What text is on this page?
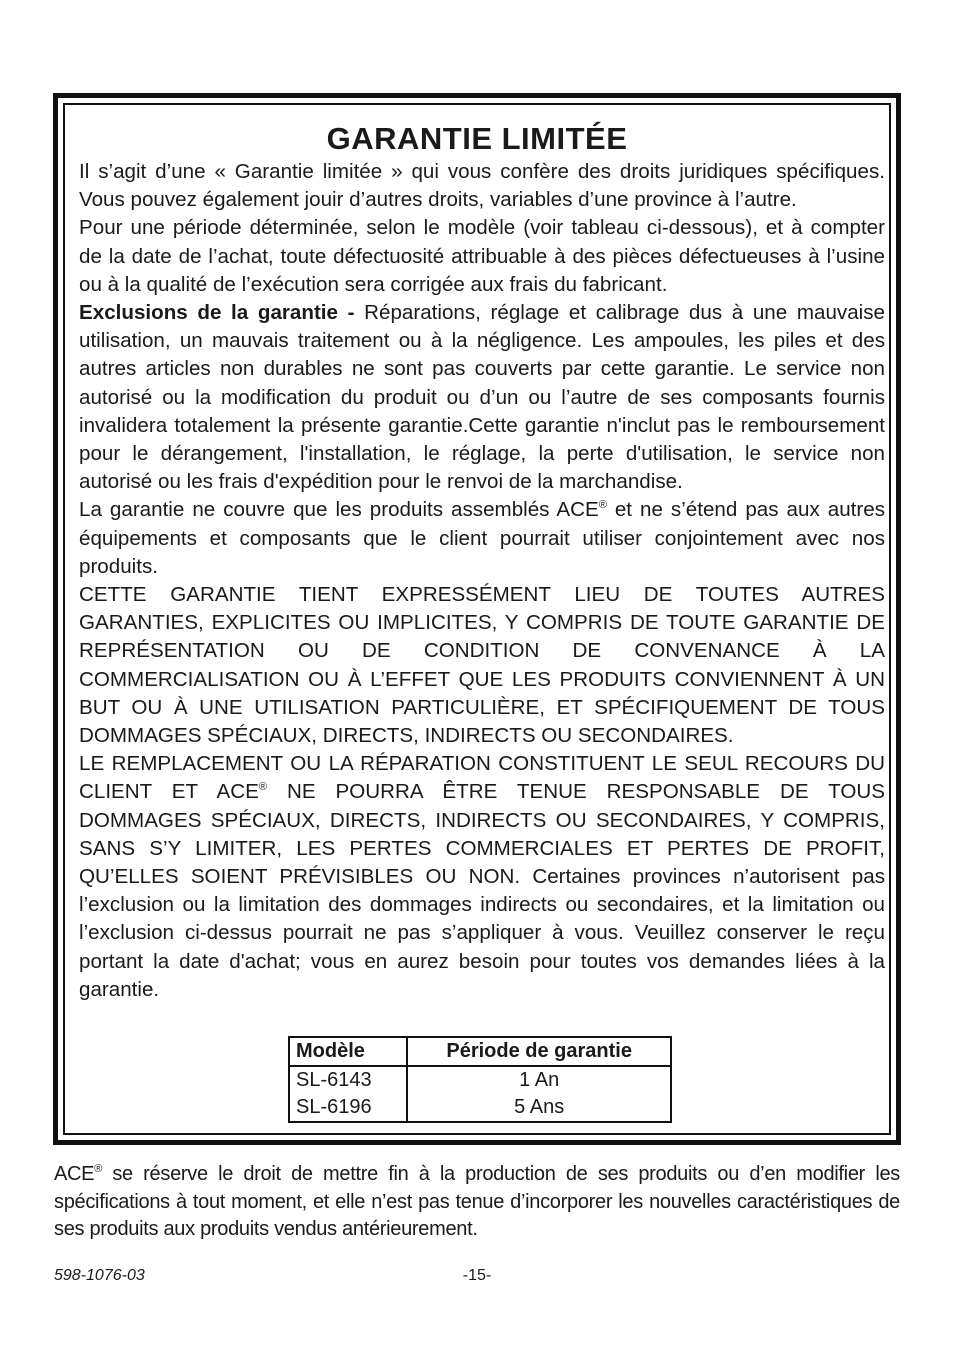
GARANTIE LIMITÉE

Il s’agit d’une « Garantie limitée » qui vous confère des droits juridiques spécifiques. Vous pouvez également jouir d’autres droits, variables d’une province à l’autre.

Pour une période déterminée, selon le modèle (voir tableau ci-dessous), et à compter de la date de l’achat, toute défectuosité attribuable à des pièces défectueuses à l’usine ou à la qualité de l’exécution sera corrigée aux frais du fabricant.

Exclusions de la garantie - Réparations, réglage et calibrage dus à une mauvaise utilisation, un mauvais traitement ou à la négligence. Les ampoules, les piles et des autres articles non durables ne sont pas couverts par cette garantie. Le service non autorisé ou la modification du produit ou d’un ou l’autre de ses composants fournis invalidera totalement la présente garantie.Cette garantie n'inclut pas le remboursement pour le dérangement, l'installation, le réglage, la perte d'utilisation, le service non autorisé ou les frais d'expédition pour le renvoi de la marchandise.

La garantie ne couvre que les produits assemblés ACE® et ne s’étend pas aux autres équipements et composants que le client pourrait utiliser conjointement avec nos produits.

CETTE GARANTIE TIENT EXPRESSÉMENT LIEU DE TOUTES AUTRES GARANTIES, EXPLICITES OU IMPLICITES, Y COMPRIS DE TOUTE GARANTIE DE REPRÉSENTATION OU DE CONDITION DE CONVENANCE À LA COMMERCIALISATION OU À L’EFFET QUE LES PRODUITS CONVIENNENT À UN BUT OU À UNE UTILISATION PARTICULIÈRE, ET SPÉCIFIQUEMENT DE TOUS DOMMAGES SPÉCIAUX, DIRECTS, INDIRECTS OU SECONDAIRES.

LE REMPLACEMENT OU LA RÉPARATION CONSTITUENT LE SEUL RECOURS DU CLIENT ET ACE® NE POURRA ÊTRE TENUE RESPONSABLE DE TOUS DOMMAGES SPÉCIAUX, DIRECTS, INDIRECTS OU SECONDAIRES, Y COMPRIS, SANS S’Y LIMITER, LES PERTES COMMERCIALES ET PERTES DE PROFIT, QU’ELLES SOIENT PRÉVISIBLES OU NON. Certaines provinces n’autorisent pas l’exclusion ou la limitation des dommages indirects ou secondaires, et la limitation ou l’exclusion ci-dessus pourrait ne pas s’appliquer à vous. Veuillez conserver le reçu portant la date d'achat; vous en aurez besoin pour toutes vos demandes liées à la garantie.

Modèle	Période de garantie
SL-6143	1 An
SL-6196	5 Ans
ACE® se réserve le droit de mettre fin à la production de ses produits ou d’en modifier les spécifications à tout moment, et elle n’est pas tenue d’incorporer les nouvelles caractéristiques de ses produits aux produits vendus antérieurement.
598-1076-03	-15-
